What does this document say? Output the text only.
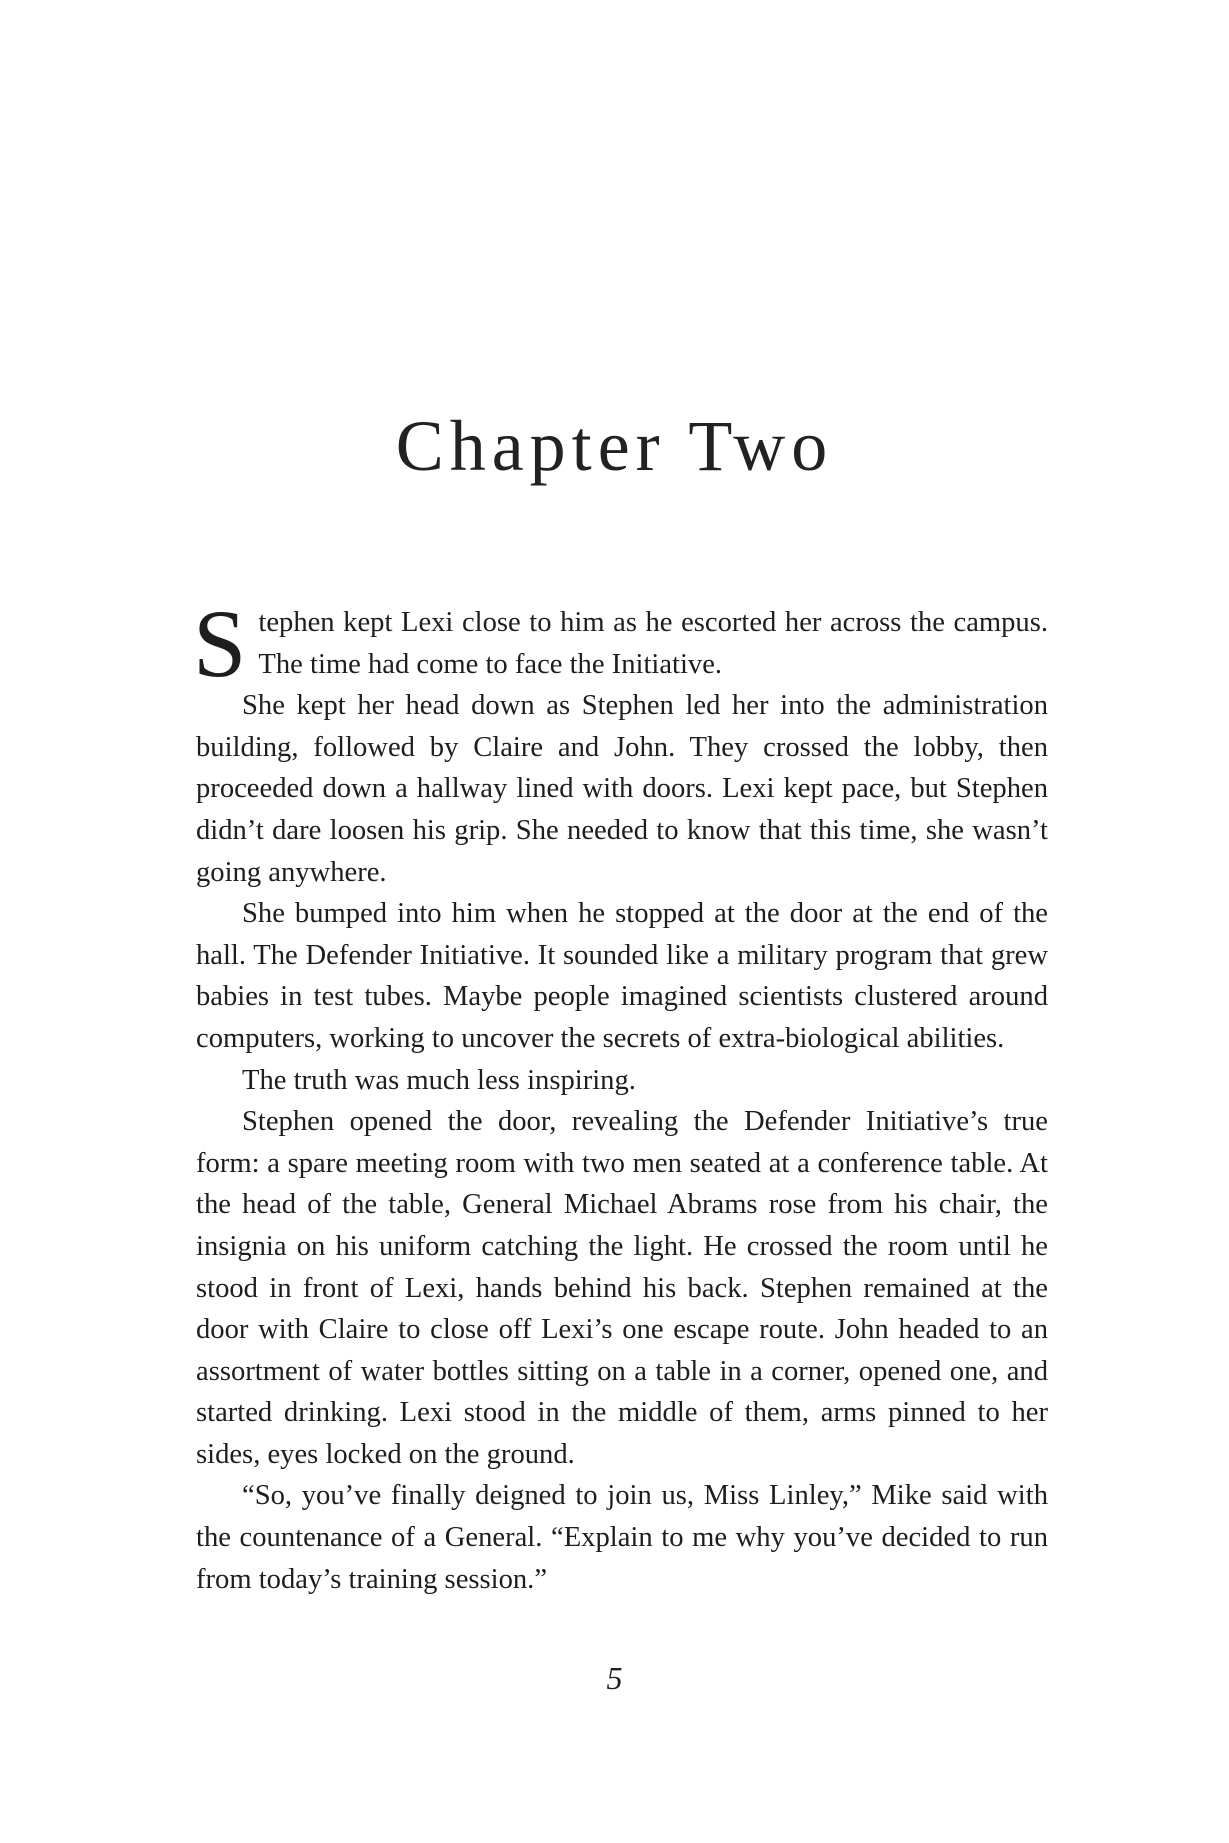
Chapter Two

Stephen kept Lexi close to him as he escorted her across the campus. The time had come to face the Initiative.

She kept her head down as Stephen led her into the administration building, followed by Claire and John. They crossed the lobby, then proceeded down a hallway lined with doors. Lexi kept pace, but Stephen didn’t dare loosen his grip. She needed to know that this time, she wasn’t going anywhere.

She bumped into him when he stopped at the door at the end of the hall. The Defender Initiative. It sounded like a military program that grew babies in test tubes. Maybe people imagined scientists clustered around computers, working to uncover the secrets of extra-biological abilities.

The truth was much less inspiring.

Stephen opened the door, revealing the Defender Initiative’s true form: a spare meeting room with two men seated at a conference table. At the head of the table, General Michael Abrams rose from his chair, the insignia on his uniform catching the light. He crossed the room until he stood in front of Lexi, hands behind his back. Stephen remained at the door with Claire to close off Lexi’s one escape route. John headed to an assortment of water bottles sitting on a table in a corner, opened one, and started drinking. Lexi stood in the middle of them, arms pinned to her sides, eyes locked on the ground.

“So, you’ve finally deigned to join us, Miss Linley,” Mike said with the countenance of a General. “Explain to me why you’ve decided to run from today’s training session.”

5
